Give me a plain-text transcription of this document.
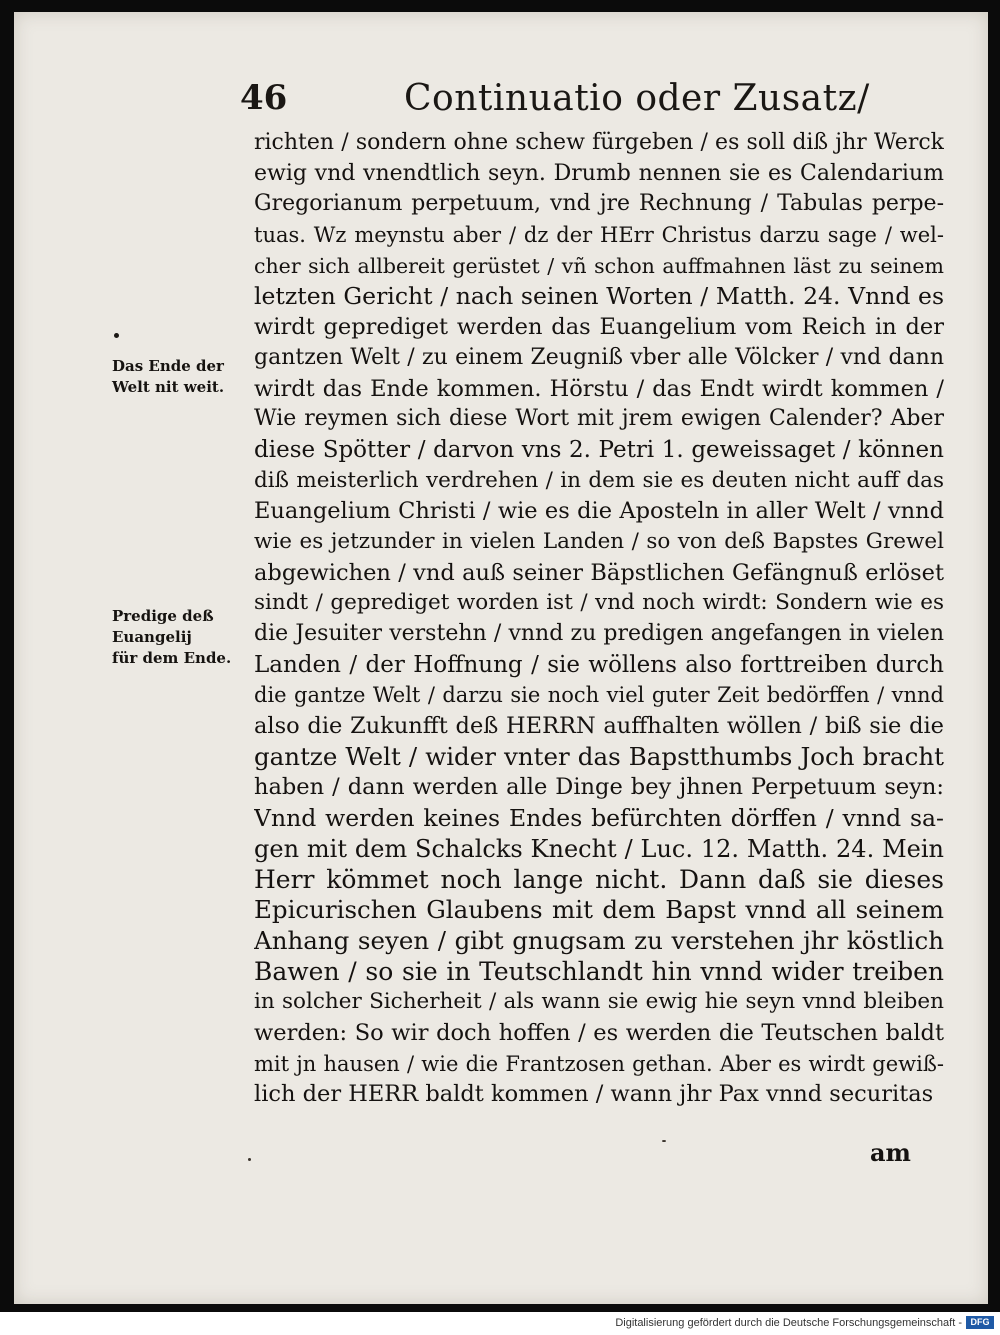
46	Continuatio oder Zusatz/
richten / sondern ohne schew fürgeben / es soll diß jhr Werck
ewig vnd vnendtlich seyn. Drumb nennen sie es Calendarium
Gregorianum perpetuum, vnd jre Rechnung / Tabulas perpe-
tuas. Wz meynstu aber / dz der HErr Christus darzu sage / wel-
cher sich allbereit gerüstet / vñ schon auffmahnen läst zu seinem
letzten Gericht / nach seinen Worten / Matth. 24. Vnnd es
wirdt geprediget werden das Euangelium vom Reich in der
gantzen Welt / zu einem Zeugniß vber alle Völcker / vnd dann
wirdt das Ende kommen. Hörstu / das Endt wirdt kommen /
Wie reymen sich diese Wort mit jrem ewigen Calender? Aber
diese Spötter / darvon vns 2. Petri 1. geweissaget / können
diß meisterlich verdrehen / in dem sie es deuten nicht auff das
Euangelium Christi / wie es die Aposteln in aller Welt / vnnd
wie es jetzunder in vielen Landen / so von deß Bapstes Grewel
abgewichen / vnd auß seiner Bäpstlichen Gefängnuß erlöset
sindt / geprediget worden ist / vnd noch wirdt: Sondern wie es
die Jesuiter verstehn / vnnd zu predigen angefangen in vielen
Landen / der Hoffnung / sie wöllens also forttreiben durch
die gantze Welt / darzu sie noch viel guter Zeit bedörffen / vnnd
also die Zukunfft deß HERRN auffhalten wöllen / biß sie die
gantze Welt / wider vnter das Bapstthumbs Joch bracht
haben / dann werden alle Dinge bey jhnen Perpetuum seyn:
Vnnd werden keines Endes befürchten dörffen / vnnd sa-
gen mit dem Schalcks Knecht / Luc. 12. Matth. 24. Mein
Herr kömmet noch lange nicht. Dann daß sie dieses
Epicurischen Glaubens mit dem Bapst vnnd all seinem
Anhang seyen / gibt gnugsam zu verstehen jhr köstlich
Bawen / so sie in Teutschlandt hin vnnd wider treiben
in solcher Sicherheit / als wann sie ewig hie seyn vnnd bleiben
werden: So wir doch hoffen / es werden die Teutschen baldt
mit jn hausen / wie die Frantzosen gethan. Aber es wirdt gewiß-
lich der HERR baldt kommen / wann jhr Pax vnnd securitas
Das Ende der
Welt nit weit.
Predige deß
Euangelij
für dem Ende.
am
Digitalisierung gefördert durch die Deutsche Forschungsgemeinschaft - DFG
